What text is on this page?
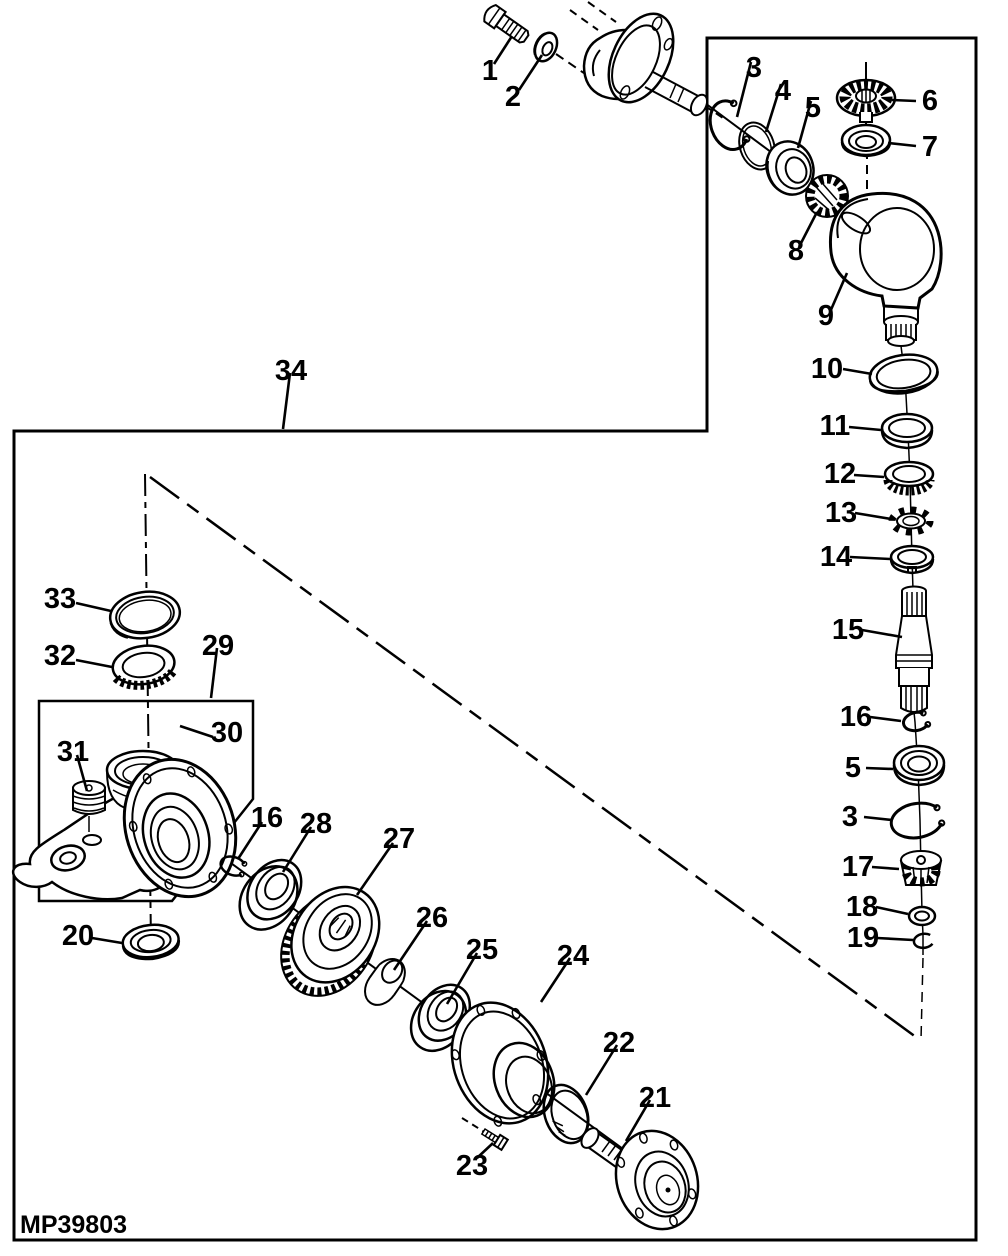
1
2
3
4
5	6
7
8
9
10
11
12
13
14
15
16
5
3
17
18
19
20
21
22
23
24
25
26
27
28
29
30
31
32
33
16
34
MP39803
